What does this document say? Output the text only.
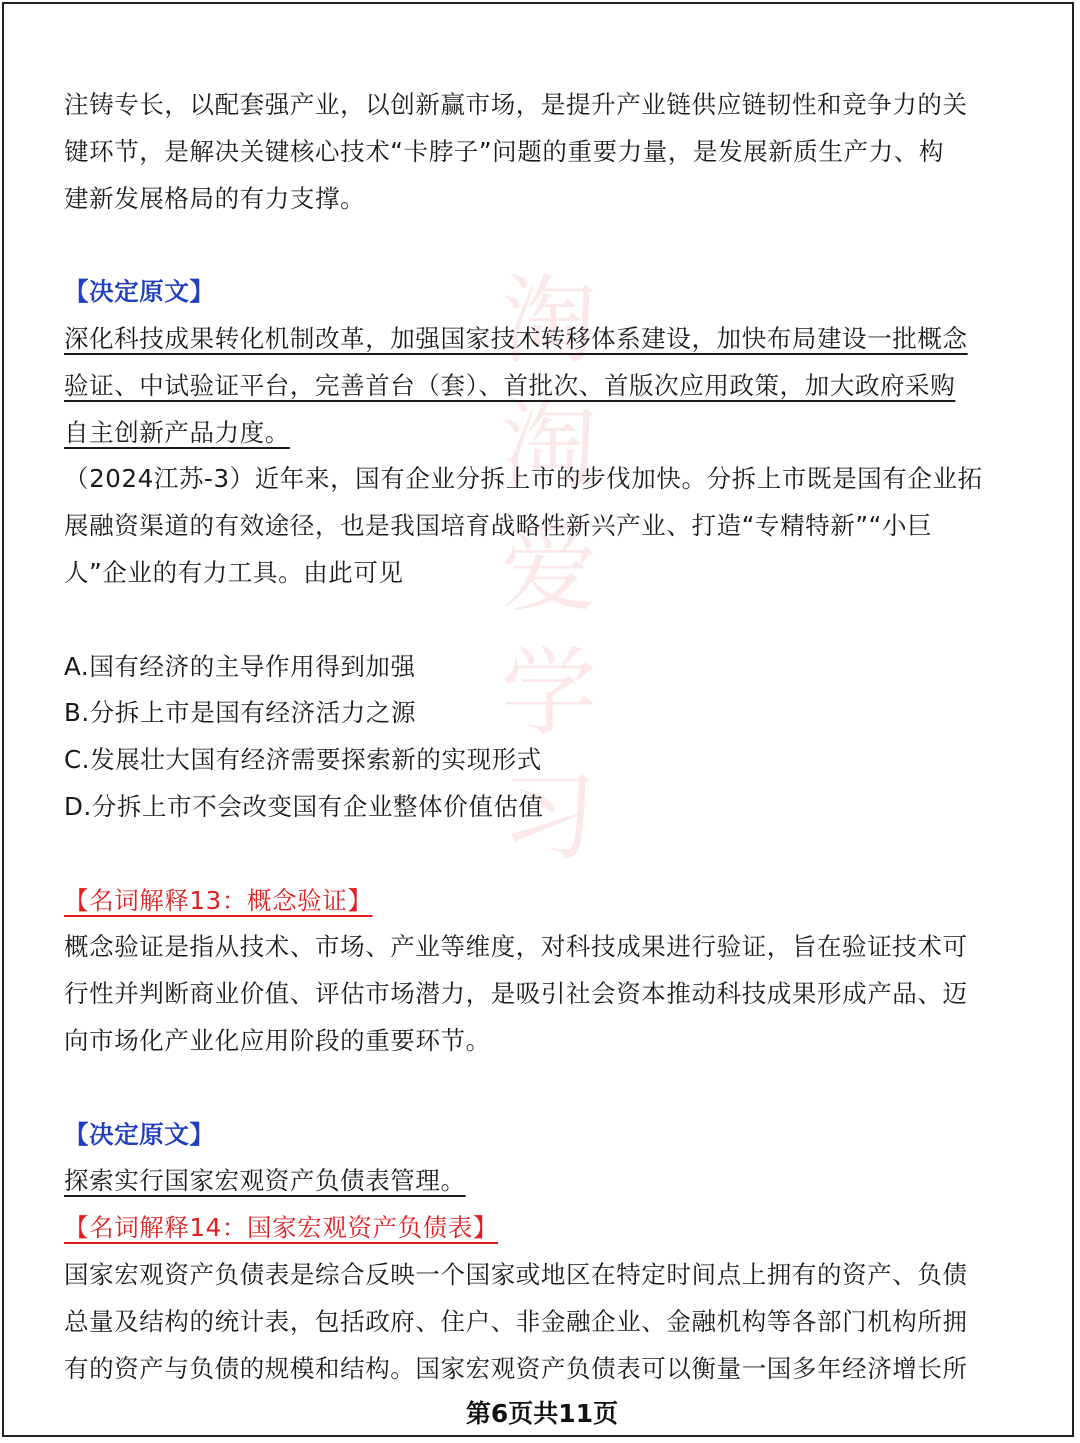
淘
淘
爱
学
习
注铸专长，以配套强产业，以创新赢市场，是提升产业链供应链韧性和竞争力的关
键环节，是解决关键核心技术“卡脖子”问题的重要力量，是发展新质生产力、构
建新发展格局的有力支撑。
【决定原文】
深化科技成果转化机制改革，加强国家技术转移体系建设，加快布局建设一批概念
验证、中试验证平台，完善首台（套）、首批次、首版次应用政策，加大政府采购
自主创新产品力度。
（2024江苏-3）近年来，国有企业分拆上市的步伐加快。分拆上市既是国有企业拓
展融资渠道的有效途径，也是我国培育战略性新兴产业、打造“专精特新”“小巨
人”企业的有力工具。由此可见
A.国有经济的主导作用得到加强
B.分拆上市是国有经济活力之源
C.发展壮大国有经济需要探索新的实现形式
D.分拆上市不会改变国有企业整体价值估值
【名词解释13：概念验证】
概念验证是指从技术、市场、产业等维度，对科技成果进行验证，旨在验证技术可
行性并判断商业价值、评估市场潜力，是吸引社会资本推动科技成果形成产品、迈
向市场化产业化应用阶段的重要环节。
【决定原文】
探索实行国家宏观资产负债表管理。
【名词解释14：国家宏观资产负债表】
国家宏观资产负债表是综合反映一个国家或地区在特定时间点上拥有的资产、负债
总量及结构的统计表，包括政府、住户、非金融企业、金融机构等各部门机构所拥
有的资产与负债的规模和结构。国家宏观资产负债表可以衡量一国多年经济增长所
第6页共11页
